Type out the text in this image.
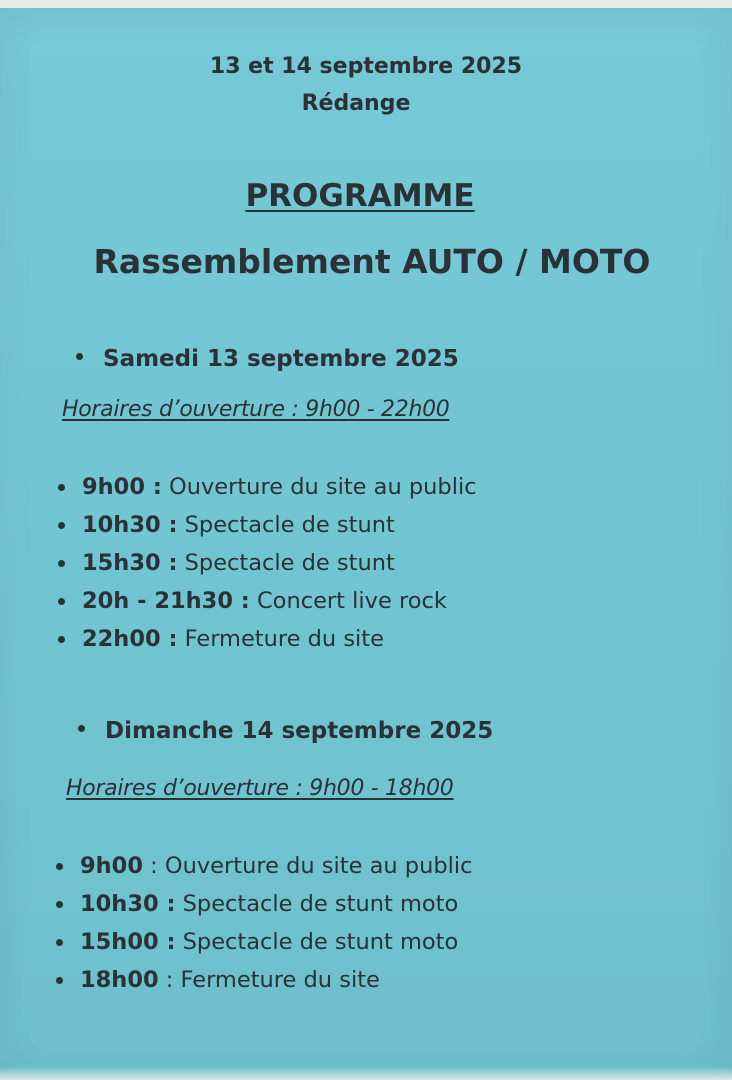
13 et 14 septembre 2025

Rédange

PROGRAMME

Rassemblement AUTO / MOTO

Samedi 13 septembre 2025
Horaires d’ouverture : 9h00 - 22h00
9h00 : Ouverture du site au public
10h30 : Spectacle de stunt
15h30 : Spectacle de stunt
20h - 21h30 : Concert live rock
22h00 : Fermeture du site
Dimanche 14 septembre 2025
Horaires d’ouverture : 9h00 - 18h00
9h00 : Ouverture du site au public
10h30 : Spectacle de stunt moto
15h00 : Spectacle de stunt moto
18h00 : Fermeture du site
